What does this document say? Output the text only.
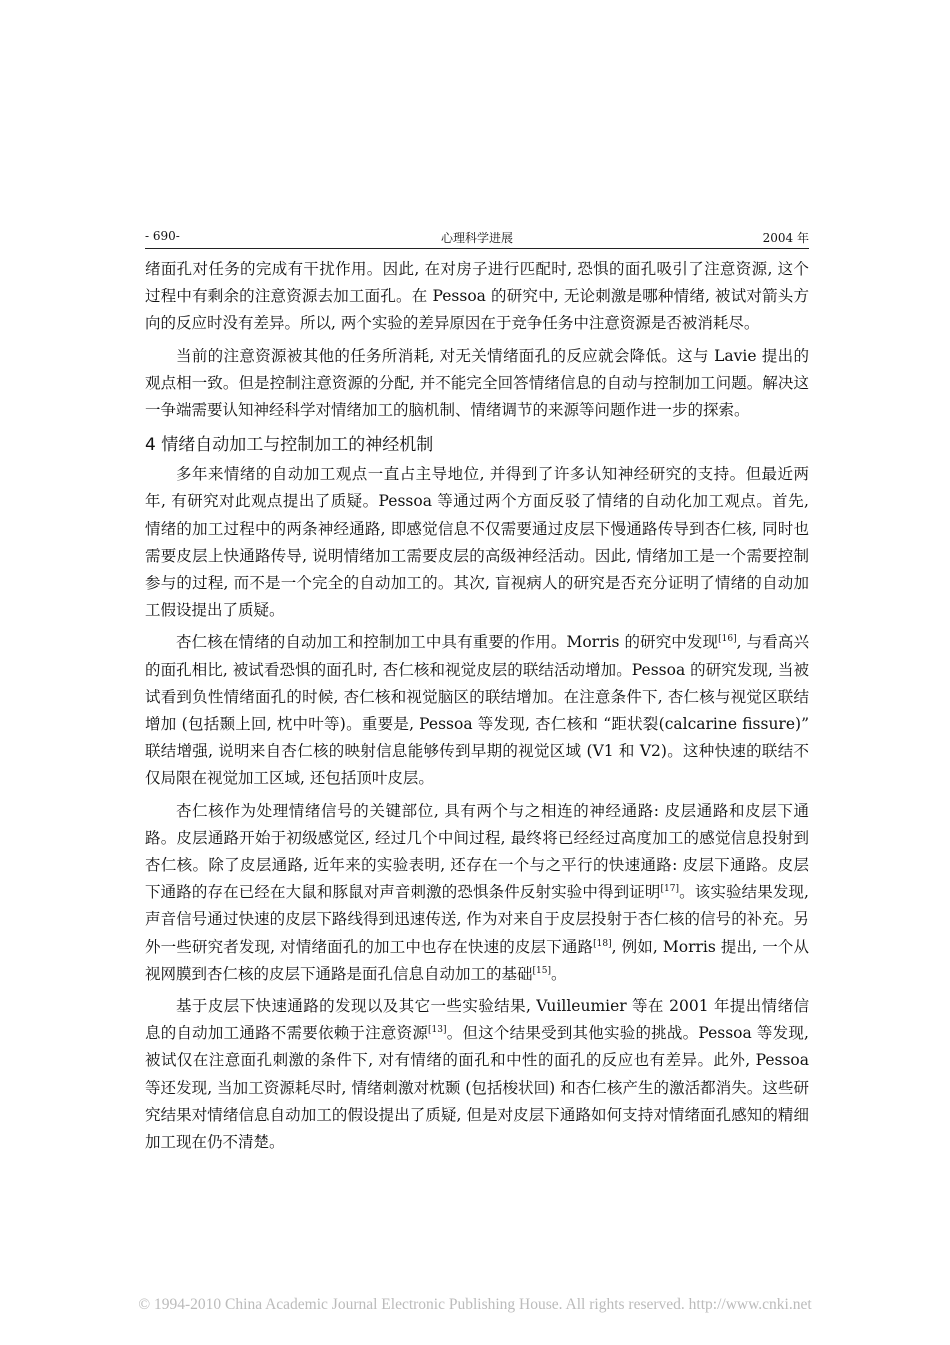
- 690-	心理科学进展	2004 年

绪面孔对任务的完成有干扰作用。因此, 在对房子进行匹配时, 恐惧的面孔吸引了注意资源, 这个过程中有剩余的注意资源去加工面孔。在 Pessoa 的研究中, 无论刺激是哪种情绪, 被试对箭头方向的反应时没有差异。所以, 两个实验的差异原因在于竞争任务中注意资源是否被消耗尽。

当前的注意资源被其他的任务所消耗, 对无关情绪面孔的反应就会降低。这与 Lavie 提出的观点相一致。但是控制注意资源的分配, 并不能完全回答情绪信息的自动与控制加工问题。解决这一争端需要认知神经科学对情绪加工的脑机制、情绪调节的来源等问题作进一步的探索。

4 情绪自动加工与控制加工的神经机制

多年来情绪的自动加工观点一直占主导地位, 并得到了许多认知神经研究的支持。但最近两年, 有研究对此观点提出了质疑。Pessoa 等通过两个方面反驳了情绪的自动化加工观点。首先, 情绪的加工过程中的两条神经通路, 即感觉信息不仅需要通过皮层下慢通路传导到杏仁核, 同时也需要皮层上快通路传导, 说明情绪加工需要皮层的高级神经活动。因此, 情绪加工是一个需要控制参与的过程, 而不是一个完全的自动加工的。其次, 盲视病人的研究是否充分证明了情绪的自动加工假设提出了质疑。

杏仁核在情绪的自动加工和控制加工中具有重要的作用。Morris 的研究中发现[16], 与看高兴的面孔相比, 被试看恐惧的面孔时, 杏仁核和视觉皮层的联结活动增加。Pessoa 的研究发现, 当被试看到负性情绪面孔的时候, 杏仁核和视觉脑区的联结增加。在注意条件下, 杏仁核与视觉区联结增加 (包括颞上回, 枕中叶等)。重要是, Pessoa 等发现, 杏仁核和 “距状裂(calcarine fissure)” 联结增强, 说明来自杏仁核的映射信息能够传到早期的视觉区域 (V1 和 V2)。这种快速的联结不仅局限在视觉加工区域, 还包括顶叶皮层。

杏仁核作为处理情绪信号的关键部位, 具有两个与之相连的神经通路: 皮层通路和皮层下通路。皮层通路开始于初级感觉区, 经过几个中间过程, 最终将已经经过高度加工的感觉信息投射到杏仁核。除了皮层通路, 近年来的实验表明, 还存在一个与之平行的快速通路: 皮层下通路。皮层下通路的存在已经在大鼠和豚鼠对声音刺激的恐惧条件反射实验中得到证明[17]。该实验结果发现, 声音信号通过快速的皮层下路线得到迅速传送, 作为对来自于皮层投射于杏仁核的信号的补充。另外一些研究者发现, 对情绪面孔的加工中也存在快速的皮层下通路[18], 例如, Morris 提出, 一个从视网膜到杏仁核的皮层下通路是面孔信息自动加工的基础[15]。

基于皮层下快速通路的发现以及其它一些实验结果, Vuilleumier 等在 2001 年提出情绪信息的自动加工通路不需要依赖于注意资源[13]。但这个结果受到其他实验的挑战。Pessoa 等发现, 被试仅在注意面孔刺激的条件下, 对有情绪的面孔和中性的面孔的反应也有差异。此外, Pessoa 等还发现, 当加工资源耗尽时, 情绪刺激对枕颞 (包括梭状回) 和杏仁核产生的激活都消失。这些研究结果对情绪信息自动加工的假设提出了质疑, 但是对皮层下通路如何支持对情绪面孔感知的精细加工现在仍不清楚。

© 1994-2010 China Academic Journal Electronic Publishing House. All rights reserved. http://www.cnki.net
